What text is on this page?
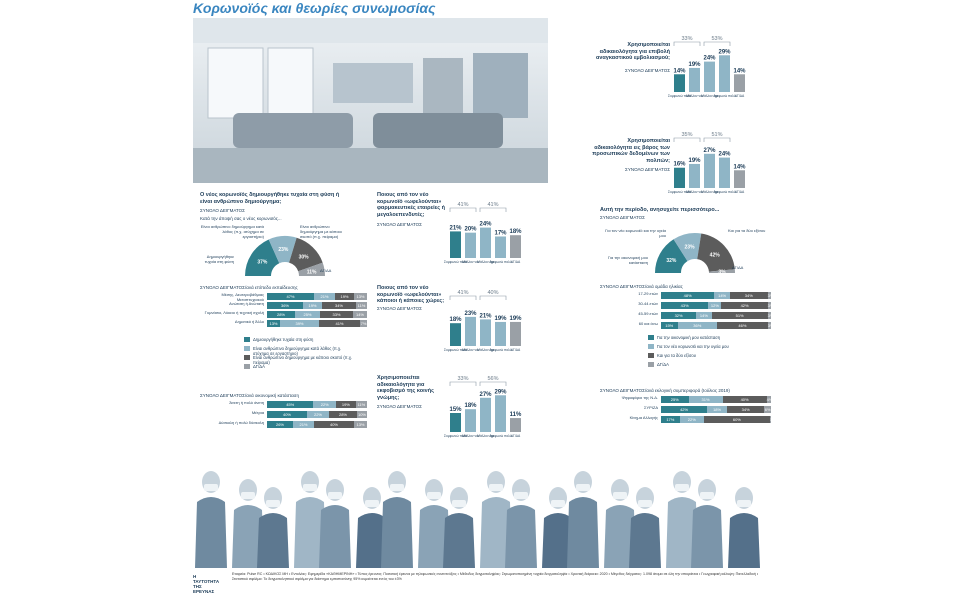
Κορωνοϊός και θεωρίες συνωμοσίας
Ο νέος κορωνοϊός δημιουργήθηκε τυχαία στη φύση ή είναι ανθρώπινο δημιούργημα;
ΣΥΝΟΛΟ ΔΕΙΓΜΑΤΟΣ
Κατά την άποψή σας ο νέος κορωνοϊός...
37%
23%
30%
11%
Δημιουργήθηκε τυχαία στη φύση
Είναι ανθρώπινο δημιούργημα κατά λάθος (π.χ. ατύχημα σε εργαστήριο)
Είναι ανθρώπινο δημιούργημα με κάποιο σκοπό (π.χ. πείραμα)
ΔΓ/ΔΑ
ΣΥΝΟΛΟ ΔΕΙΓΜΑΤΟΣ/ανά επίπεδο εκπαίδευσης
Μέσης, Δευτεροβάθμιας Μεταπτυχιακού	47%	21%	19%	13%
Ανώτατη ή Ανώτατη	36%	19%	34%	11%
Γυμνάσιο, Λύκειο ή τεχνική σχολή	28%	25%	33%	14%
Δημοτικό ή Άλλο	13%	39%	41%	7%
Δημιουργήθηκε τυχαία στη φύση
Είναι ανθρώπινο δημιούργημα κατά λάθος (π.χ. ατύχημα σε εργαστήριο)
Είναι ανθρώπινο δημιούργημα με κάποιο σκοπό (π.χ. πείραμα)
ΔΓ/ΔΑ
ΣΥΝΟΛΟ ΔΕΙΓΜΑΤΟΣ/ανά οικονομική κατάσταση
Άνετη ή πολύ άνετη	45%	22%	19%	11%
Μέτρια	40%	22%	28%	10%
Δύσκολη ή πολύ δύσκολη	26%	21%	40%	13%
Ποιους από τον νέο κορωνοϊό «ωφελούνται» φαρμακευτικές εταιρείες ή μεγαλοεπενδυτές;
ΣΥΝΟΛΟ ΔΕΙΓΜΑΤΟΣ
Ποιους από τον νέο κορωνοϊό «ωφελούνται» κάποιοι ή κάποιες χώρες;
ΣΥΝΟΛΟ ΔΕΙΓΜΑΤΟΣ
Χρησιμοποιείται αδικαιολόγητα για εκφοβισμό της κοινής γνώμης;
ΣΥΝΟΛΟ ΔΕΙΓΜΑΤΟΣ
Χρησιμοποιείται αδικαιολόγητα για επιβολή αναγκαστικού εμβολιασμού;
ΣΥΝΟΛΟ ΔΕΙΓΜΑΤΟΣ
Χρησιμοποιείται αδικαιολόγητα εις βάρος των προσωπικών δεδομένων των πολιτών;
ΣΥΝΟΛΟ ΔΕΙΓΜΑΤΟΣ
14%
Συμφωνώ πολύ
19%
Μάλλον ναι
24%
Μάλλον όχι
29%
Διαφωνώ πολύ
14%
ΔΓ/ΔΑ
33%	53%
16%
Συμφωνώ πολύ
19%
Μάλλον ναι
27%
Μάλλον όχι
24%
Διαφωνώ πολύ
14%
ΔΓ/ΔΑ
35%	51%
21%
Συμφωνώ πολύ
20%
Μάλλον ναι
24%
Μάλλον όχι
17%
Διαφωνώ πολύ
18%
ΔΓ/ΔΑ
41%	41%
18%
Συμφωνώ πολύ
23%
Μάλλον ναι
21%
Μάλλον όχι
19%
Διαφωνώ πολύ
19%
ΔΓ/ΔΑ
41%	40%
15%
Συμφωνώ πολύ
18%
Μάλλον ναι
27%
Μάλλον όχι
29%
Διαφωνώ πολύ
11%
ΔΓ/ΔΑ
33%	56%
Αυτή την περίοδο, ανησυχείτε περισσότερο...
ΣΥΝΟΛΟ ΔΕΙΓΜΑΤΟΣ
32%
23%
42%
3%
Για την οικονομική μου κατάσταση
Για τον νέο κορωνοϊό και την υγεία μου
Και για τα δύο εξίσου
ΔΓ/ΔΑ
ΣΥΝΟΛΟ ΔΕΙΓΜΑΤΟΣ/ανά ομάδα ηλικίας
17-29 ετών	48%	14%	34%	3%
30-44 ετών	43%	12%	42%	3%
45-59 ετών	32%	14%	51%	3%
60 και άνω	15%	36%	46%	3%
Για την οικονομική μου κατάσταση
Για τον νέο κορωνοϊό και την υγεία μου
Και για τα δύο εξίσου
ΔΓ/ΔΑ
ΣΥΝΟΛΟ ΔΕΙΓΜΑΤΟΣ/ανά εκλογική συμπεριφορά (Ιούλιος 2019)
Ψηφοφόροι της Ν.Δ.	25%	31%	40%	4%
ΣΥΡΙΖΑ	42%	18%	34%	6%
Κίνημα Αλλαγής	17%	22%	60%	1%
Η ΤΑΥΤΟΤΗΤΑ ΤΗΣ ΕΡΕΥΝΑΣ
Εταιρεία: Pulse RC • ΚΩΔΙΚΟΣ ΜΗ • Εντολέας: Εφημερίδα «ΚΑΘΗΜΕΡΙΝΗ» • Τύπος έρευνας: Ποσοτική έρευνα με τηλεφωνικές συνεντεύξεις • Μέθοδος δειγματοληψίας: Στρωματοποιημένη τυχαία δειγματοληψία • Χρονική διάρκεια: 2020 • Μέγεθος δείγματος: 1.098 άτομα σε όλη την επικράτεια • Γεωγραφική κάλυψη: Πανελλαδική • Στατιστικό σφάλμα: Το δειγματοληπτικό σφάλμα για διάστημα εμπιστοσύνης 95% κυμαίνεται εντός του ±3%
